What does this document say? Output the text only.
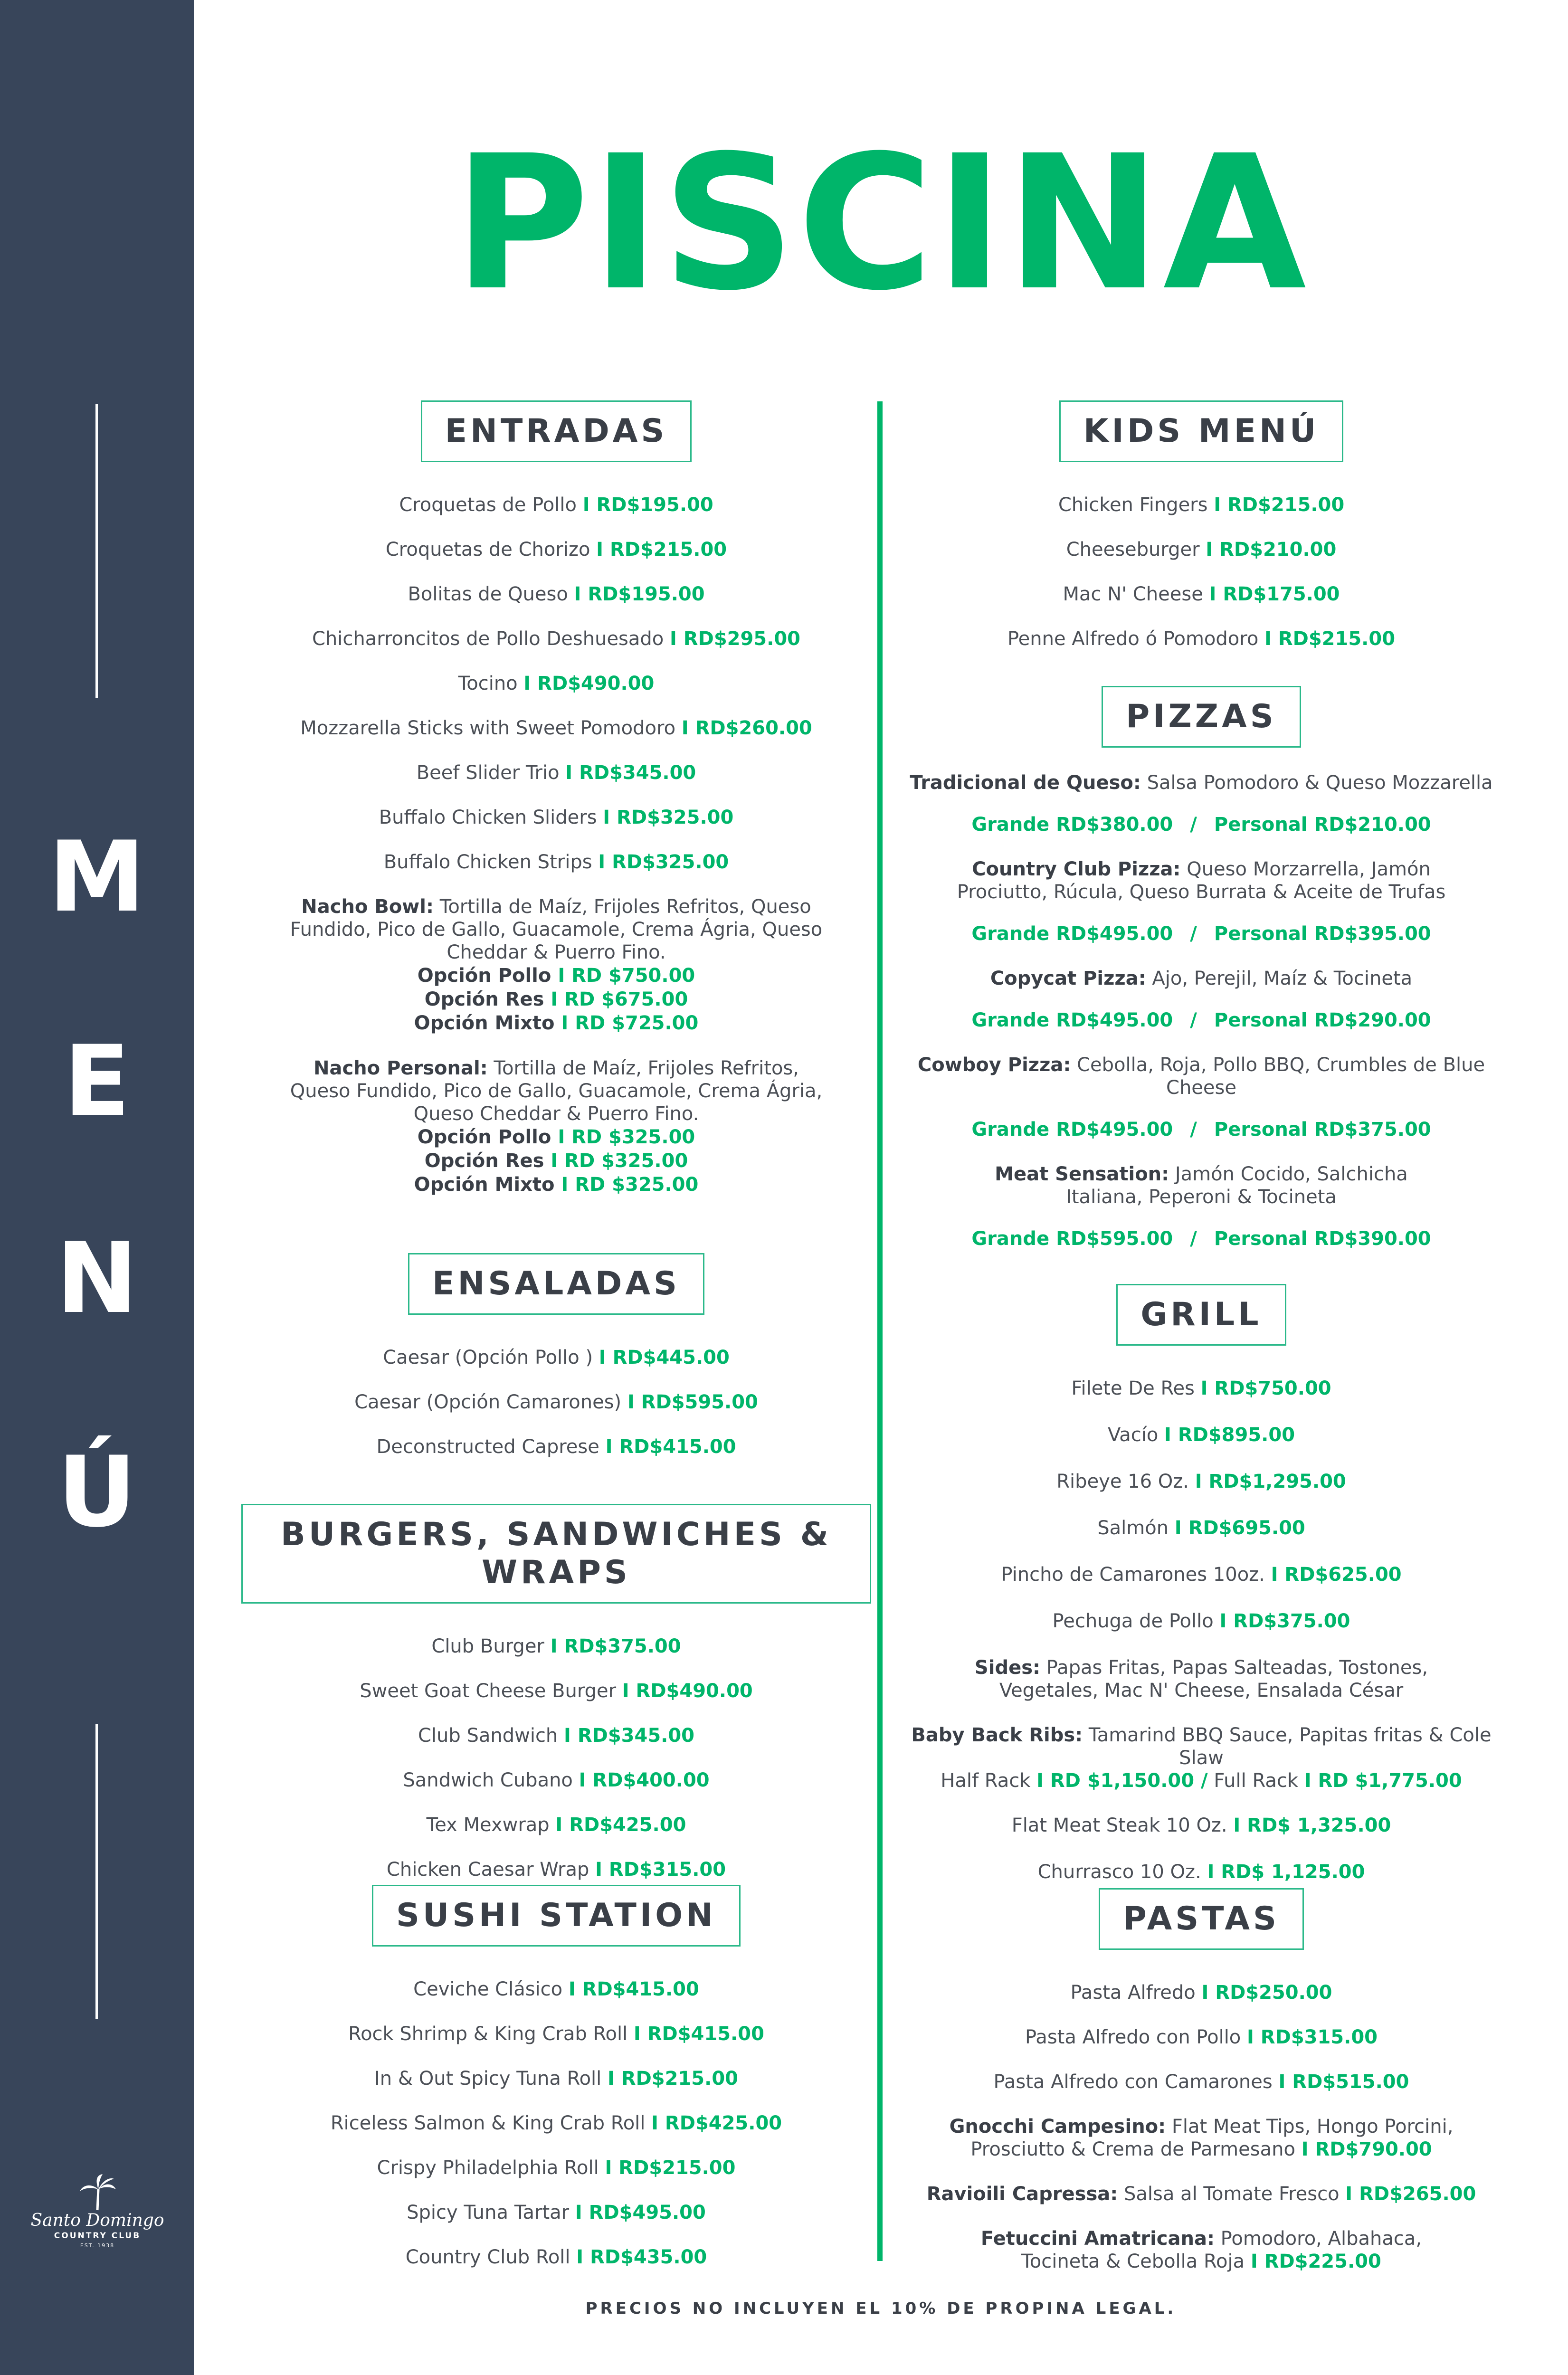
M
E
N
Ú
Santo Domingo
COUNTRY CLUB
EST. 1938
PISCINA
ENTRADAS
Croquetas de Pollo I RD$195.00
Croquetas de Chorizo I RD$215.00
Bolitas de Queso I RD$195.00
Chicharroncitos de Pollo Deshuesado I RD$295.00
Tocino I RD$490.00
Mozzarella Sticks with Sweet Pomodoro I RD$260.00
Beef Slider Trio I RD$345.00
Buffalo Chicken Sliders I RD$325.00
Buffalo Chicken Strips I RD$325.00
Nacho Bowl: Tortilla de Maíz, Frijoles Refritos, Queso Fundido, Pico de Gallo, Guacamole, Crema Ágria, Queso Cheddar & Puerro Fino.
Opción Pollo I RD $750.00
Opción Res I RD $675.00
Opción Mixto I RD $725.00
Nacho Personal: Tortilla de Maíz, Frijoles Refritos, Queso Fundido, Pico de Gallo, Guacamole, Crema Ágria, Queso Cheddar & Puerro Fino.
Opción Pollo I RD $325.00
Opción Res I RD $325.00
Opción Mixto I RD $325.00
ENSALADAS
Caesar (Opción Pollo ) I RD$445.00
Caesar (Opción Camarones) I RD$595.00
Deconstructed Caprese I RD$415.00
BURGERS, SANDWICHES & WRAPS
Club Burger I RD$375.00
Sweet Goat Cheese Burger I RD$490.00
Club Sandwich I RD$345.00
Sandwich Cubano I RD$400.00
Tex Mexwrap I RD$425.00
Chicken Caesar Wrap I RD$315.00
SUSHI STATION
Ceviche Clásico I RD$415.00
Rock Shrimp & King Crab Roll I RD$415.00
In & Out Spicy Tuna Roll I RD$215.00
Riceless Salmon & King Crab Roll I RD$425.00
Crispy Philadelphia Roll I RD$215.00
Spicy Tuna Tartar I RD$495.00
Country Club Roll I RD$435.00
KIDS MENÚ
Chicken Fingers I RD$215.00
Cheeseburger I RD$210.00
Mac N' Cheese I RD$175.00
Penne Alfredo ó Pomodoro I RD$215.00
PIZZAS
Tradicional de Queso: Salsa Pomodoro & Queso Mozzarella
Grande RD$380.00 / Personal RD$210.00
Country Club Pizza: Queso Morzarrella, Jamón Prociutto, Rúcula, Queso Burrata & Aceite de Trufas
Grande RD$495.00 / Personal RD$395.00
Copycat Pizza: Ajo, Perejil, Maíz & Tocineta
Grande RD$495.00 / Personal RD$290.00
Cowboy Pizza: Cebolla, Roja, Pollo BBQ, Crumbles de Blue Cheese
Grande RD$495.00 / Personal RD$375.00
Meat Sensation: Jamón Cocido, Salchicha Italiana, Peperoni & Tocineta
Grande RD$595.00 / Personal RD$390.00
GRILL
Filete De Res I RD$750.00
Vacío I RD$895.00
Ribeye 16 Oz. I RD$1,295.00
Salmón I RD$695.00
Pincho de Camarones 10oz. I RD$625.00
Pechuga de Pollo I RD$375.00
Sides: Papas Fritas, Papas Salteadas, Tostones, Vegetales, Mac N' Cheese, Ensalada César
Baby Back Ribs: Tamarind BBQ Sauce, Papitas fritas & Cole Slaw
Half Rack I RD $1,150.00 / Full Rack I RD $1,775.00
Flat Meat Steak 10 Oz. I RD$ 1,325.00
Churrasco 10 Oz. I RD$ 1,125.00
PASTAS
Pasta Alfredo I RD$250.00
Pasta Alfredo con Pollo I RD$315.00
Pasta Alfredo con Camarones I RD$515.00
Gnocchi Campesino: Flat Meat Tips, Hongo Porcini, Prosciutto & Crema de Parmesano I RD$790.00
Ravioili Capressa: Salsa al Tomate Fresco I RD$265.00
Fetuccini Amatricana: Pomodoro, Albahaca, Tocineta & Cebolla Roja I RD$225.00
PRECIOS NO INCLUYEN EL 10% DE PROPINA LEGAL.
